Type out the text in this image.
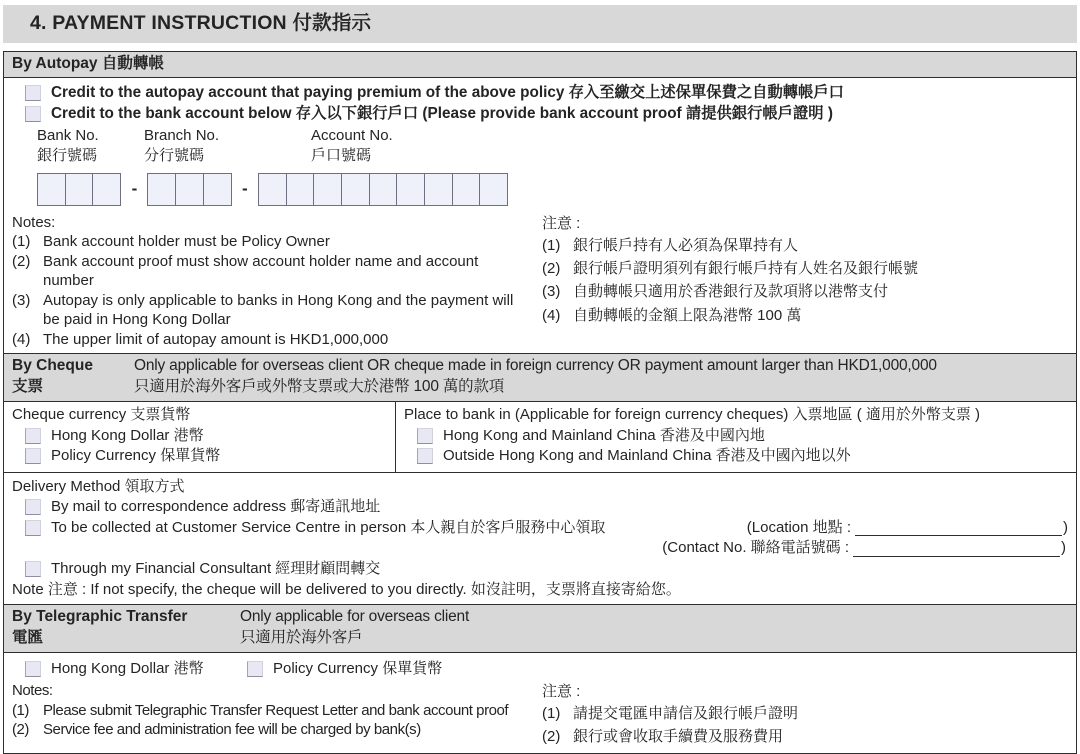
4. PAYMENT INSTRUCTION 付款指示
By Autopay 自動轉帳
Credit to the autopay account that paying premium of the above policy 存入至繳交上述保單保費之自動轉帳戶口
Credit to the bank account below 存入以下銀行戶口 (Please provide bank account proof 請提供銀行帳戶證明 )
Bank No.
銀行號碼
Branch No.
分行號碼
Account No.
戶口號碼
-	-
Notes:
(1) Bank account holder must be Policy Owner
(2) Bank account proof must show account holder name and account number
(3) Autopay is only applicable to banks in Hong Kong and the payment will be paid in Hong Kong Dollar
(4) The upper limit of autopay amount is HKD1,000,000
注意 :
(1) 銀行帳戶持有人必須為保單持有人
(2) 銀行帳戶證明須列有銀行帳戶持有人姓名及銀行帳號
(3) 自動轉帳只適用於香港銀行及款項將以港幣支付
(4) 自動轉帳的金額上限為港幣 100 萬
By Cheque
支票
Only applicable for overseas client OR cheque made in foreign currency OR payment amount larger than HKD1,000,000
只適用於海外客戶或外幣支票或大於港幣 100 萬的款項
Cheque currency 支票貨幣
Hong Kong Dollar 港幣
Policy Currency 保單貨幣
Place to bank in (Applicable for foreign currency cheques) 入票地區 ( 適用於外幣支票 )
Hong Kong and Mainland China 香港及中國內地
Outside Hong Kong and Mainland China 香港及中國內地以外
Delivery Method 領取方式
By mail to correspondence address 郵寄通訊地址
To be collected at Customer Service Centre in person 本人親自於客戶服務中心領取	(Location 地點 :	)
(Contact No. 聯絡電話號碼 :	)
Through my Financial Consultant 經理財顧問轉交
Note 注意 : If not specify, the cheque will be delivered to you directly. 如沒註明，支票將直接寄給您。
By Telegraphic Transfer
電匯
Only applicable for overseas client
只適用於海外客戶
Hong Kong Dollar 港幣	Policy Currency 保單貨幣
Notes:
(1) Please submit Telegraphic Transfer Request Letter and bank account proof
(2) Service fee and administration fee will be charged by bank(s)
注意 :
(1) 請提交電匯申請信及銀行帳戶證明
(2) 銀行或會收取手續費及服務費用
